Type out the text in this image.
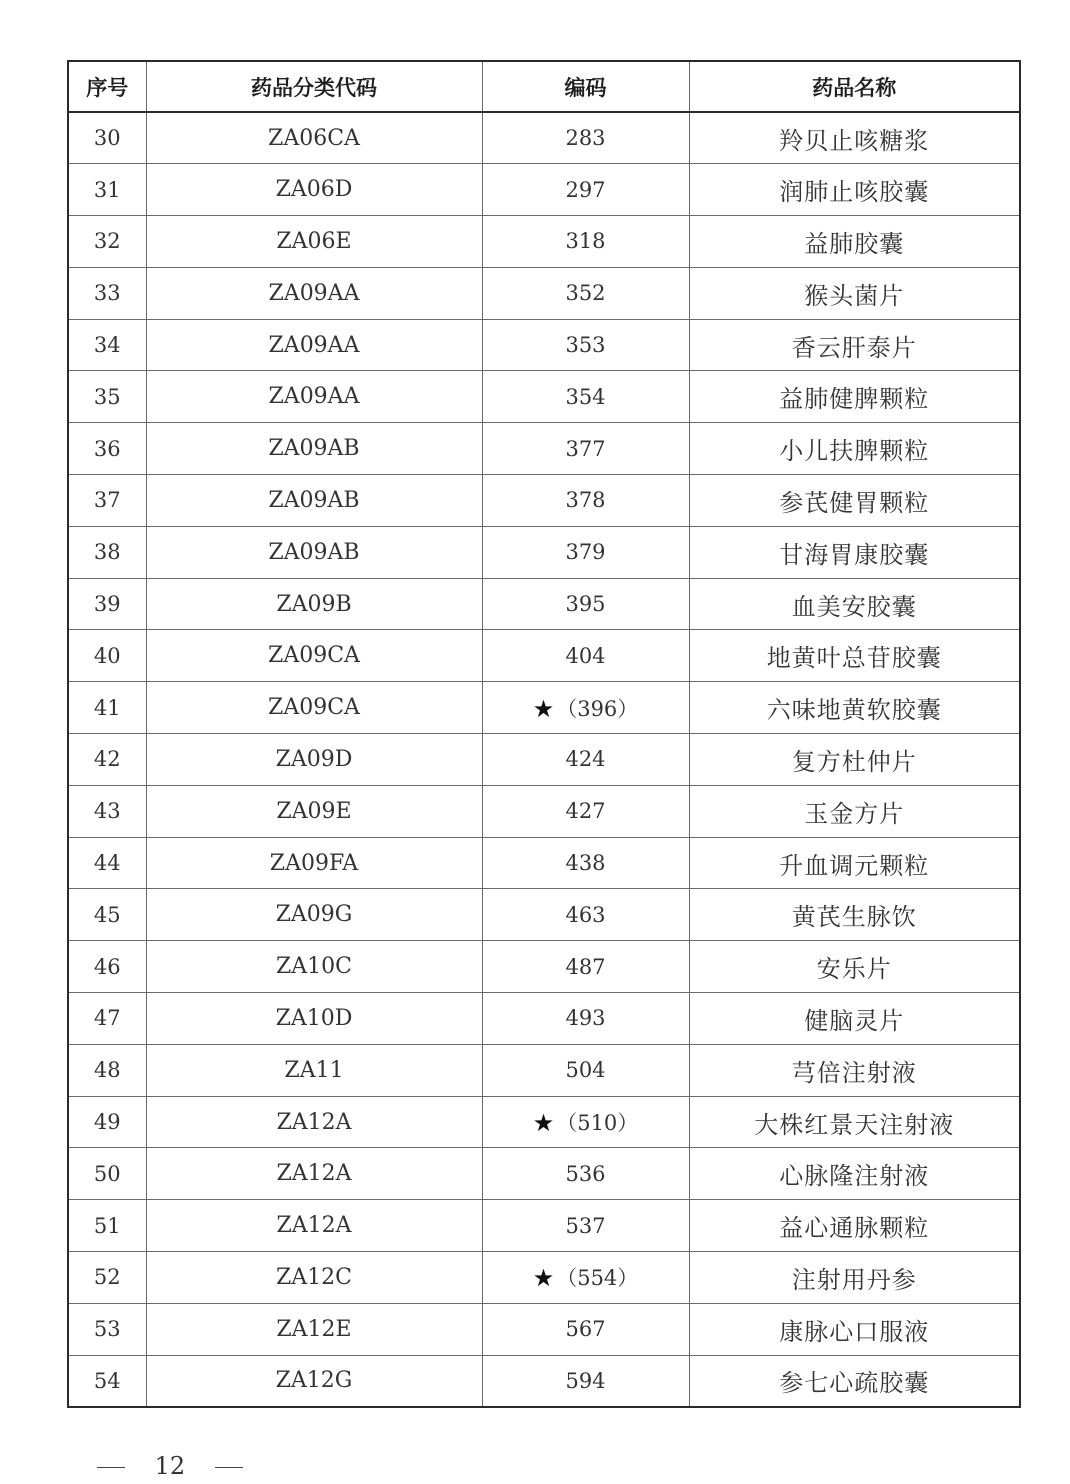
序号	药品分类代码	编码	药品名称
30	ZA06CA	283	羚贝止咳糖浆
31	ZA06D	297	润肺止咳胶囊
32	ZA06E	318	益肺胶囊
33	ZA09AA	352	猴头菌片
34	ZA09AA	353	香云肝泰片
35	ZA09AA	354	益肺健脾颗粒
36	ZA09AB	377	小儿扶脾颗粒
37	ZA09AB	378	参芪健胃颗粒
38	ZA09AB	379	甘海胃康胶囊
39	ZA09B	395	血美安胶囊
40	ZA09CA	404	地黄叶总苷胶囊
41	ZA09CA	★（396）	六味地黄软胶囊
42	ZA09D	424	复方杜仲片
43	ZA09E	427	玉金方片
44	ZA09FA	438	升血调元颗粒
45	ZA09G	463	黄芪生脉饮
46	ZA10C	487	安乐片
47	ZA10D	493	健脑灵片
48	ZA11	504	芎倍注射液
49	ZA12A	★（510）	大株红景天注射液
50	ZA12A	536	心脉隆注射液
51	ZA12A	537	益心通脉颗粒
52	ZA12C	★（554）	注射用丹参
53	ZA12E	567	康脉心口服液
54	ZA12G	594	参七心疏胶囊
12
